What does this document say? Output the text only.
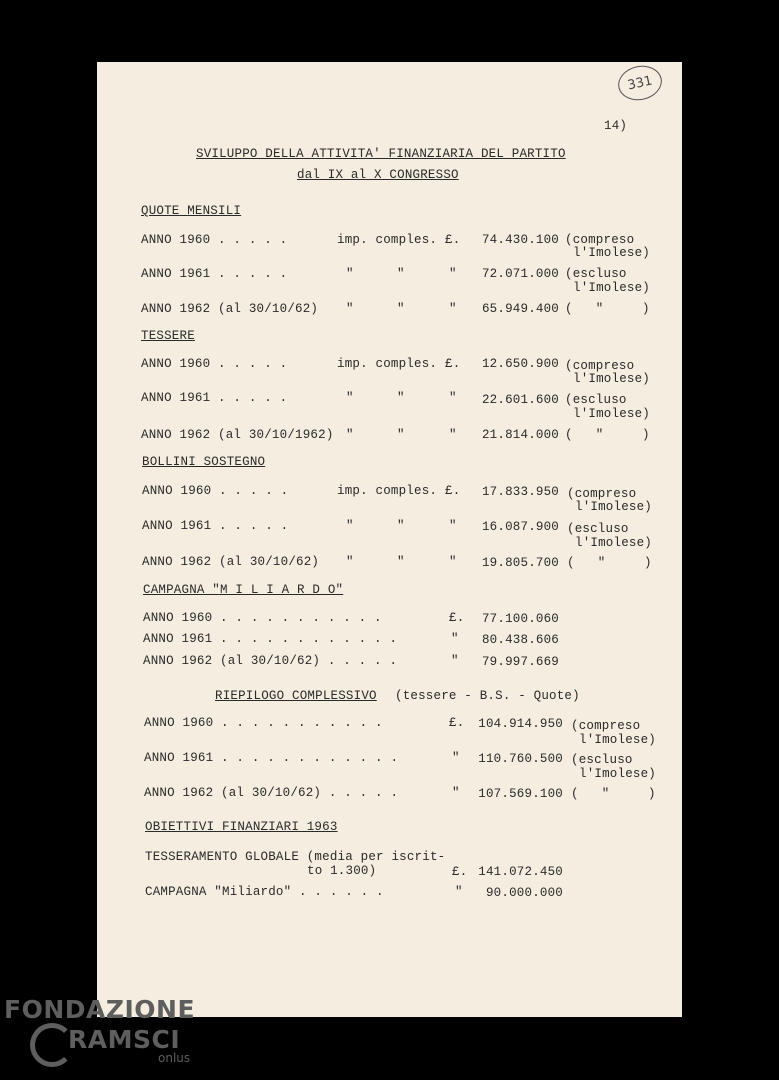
331
14)
SVILUPPO DELLA ATTIVITA' FINANZIARIA DEL PARTITO
dal IX al X CONGRESSO
QUOTE MENSILI
ANNO 1960 . . . . .	imp. comples. £.	74.430.100 (compreso
l'Imolese)
ANNO 1961 . . . . .	"	"	"	72.071.000 (escluso
l'Imolese)
ANNO 1962 (al 30/10/62) "	"	"	65.949.400 (   "     )
TESSERE
ANNO 1960 . . . . .	imp. comples. £.	12.650.900 (compreso
l'Imolese)
ANNO 1961 . . . . .	"	"	"	22.601.600 (escluso
l'Imolese)
ANNO 1962 (al 30/10/1962) "	"	"	21.814.000 (   "     )
BOLLINI SOSTEGNO
ANNO 1960 . . . . .	imp. comples. £.	17.833.950 (compreso
l'Imolese)
ANNO 1961 . . . . .	"	"	"	16.087.900 (escluso
l'Imolese)
ANNO 1962 (al 30/10/62) "	"	"	19.805.700 (   "     )
CAMPAGNA "M I L I A R D O"
ANNO 1960 . . . . . . . . . . .	£.	77.100.060
ANNO 1961 . . . . . . . . . . . .	"	80.438.606
ANNO 1962 (al 30/10/62) . . . . .	"	79.997.669
RIEPILOGO COMPLESSIVO (tessere - B.S. - Quote)
ANNO 1960 . . . . . . . . . . .	£.	104.914.950 (compreso
l'Imolese)
ANNO 1961 . . . . . . . . . . . .	"	110.760.500 (escluso
l'Imolese)
ANNO 1962 (al 30/10/62) . . . . .	"	107.569.100 (   "     )
OBIETTIVI FINANZIARI 1963
TESSERAMENTO GLOBALE (media per iscrit-
to 1.300)	£. 141.072.450
CAMPAGNA "Miliardo" . . . . . .	"	90.000.000
FONDAZIONE
RAMSCI
onlus
